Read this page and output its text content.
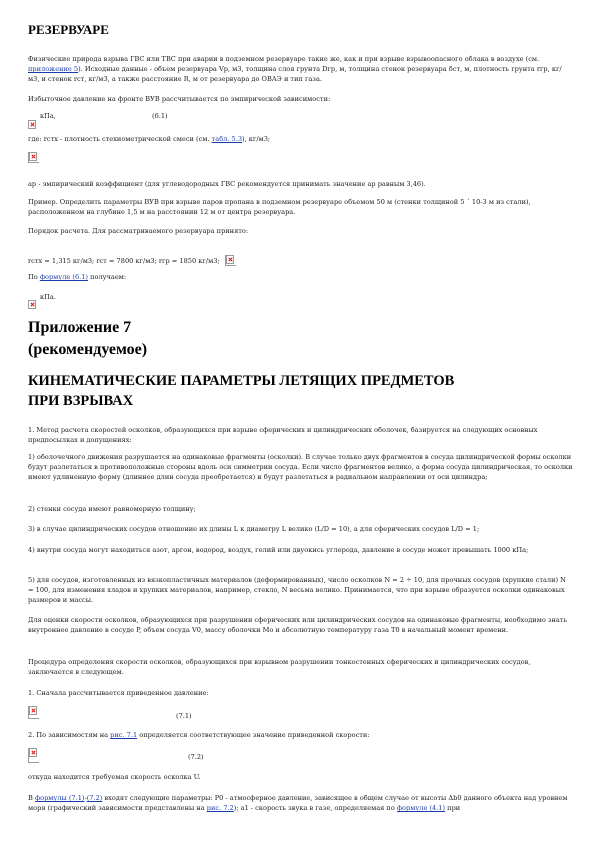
РЕЗЕРВУАРЕ

Физические природа взрыва ГВС или ТВС при аварии в подземном резервуаре такие же, как и при взрыве взрывоопасного облака в воздухе (см. приложение 5). Исходные данные - объем резервуара Vp, м3, толщина слоя грунта Dгр, м, толщина стенок резервуара δст, м, плотность грунта rгр, кг/м3, и стенок rст, кг/м3, а также расстояние R, м от резервуара до ОВАЭ и тип газа.

Избыточное давление на фронте ВУВ рассчитывается по эмпирической зависимости:

кПа,	(6.1)

где: rстх - плотность стехиометрической смеси (см. табл. 5.3), кг/м3;

ap - эмпирический коэффициент (для углеводородных ГВС рекомендуется принимать значение ap равным 3,46).

Пример. Определить параметры ВУВ при взрыве паров пропана в подземном резервуаре объемом 50 м (стенки толщиной 5 ´ 10-3 м из стали), расположенном на глубине 1,5 м на расстоянии 12 м от центра резервуара.

Порядок расчета. Для рассматриваемого резервуара принято:

rстх = 1,315 кг/м3; rст = 7800 кг/м3; rгр = 1850 кг/м3;

По формуле (6.1) получаем:

кПа.
Приложение 7
(рекомендуемое)
КИНЕМАТИЧЕСКИЕ ПАРАМЕТРЫ ЛЕТЯЩИХ ПРЕДМЕТОВ
ПРИ ВЗРЫВАХ

1. Метод расчета скоростей осколков, образующихся при взрыве сферических и цилиндрических оболочек, базируется на следующих основных предпосылках и допущениях:

1) оболочечного движения разрушается на одинаковые фрагменты (осколки). В случае только двух фрагментов в сосуда цилиндрической формы осколки будут разлетаться в противоположные стороны вдоль оси симметрии сосуда. Если число фрагментов велико, а форма сосуда цилиндрическая, то осколки имеют удлиненную форму (длиннее длин сосуда преобретается) и будут разлетаться в радиальном направлении от оси цилиндра;

2) стенки сосуда имеют равномерную толщину;

3) в случае цилиндрических сосудов отношение их длины L к диаметру L велико (L/D = 10), а для сферических сосудов L/D = 1;

4) внутри сосуда могут находиться азот, аргон, водород, воздух, гелий или двуокись углерода, давление в сосуде может превышать 1000 кПа;

5) для сосудов, изготовленных из вязкопластичных материалов (деформированных), число осколков N = 2 ÷ 10, для прочных сосудов (хрупкие стали) N = 100, для изменения хладов и хрупких материалов, например, стекло, N весьма велико. Принимается, что при взрыве образуется осколки одинаковых размеров и массы.

Для оценки скорости осколков, образующихся при разрушении сферических или цилиндрических сосудов на одинаковые фрагменты, необходимо знать внутреннее давление в сосуде P, объем сосуда V0, массу оболочки Мо и абсолютную температуру газа T0 в начальный момент времени.

Процедура определения скорости осколков, образующихся при взрывном разрушении тонкостенных сферических и цилиндрических сосудов, заключается в следующем.

1. Сначала рассчитывается приведенное давление:

(7.1)

2. По зависимостям на рис. 7.1 определяется соответствующее значение приведенной скорости:

(7.2)

откуда находится требуемая скорость осколка U.

В формулы (7.1)-(7.2) входят следующие параметры: P0 - атмосферное давление, зависящее в общем случае от высоты Δb0 данного объекта над уровнем моря (графический зависимости представлены на рис. 7.2); a1 - скорость звука в газе, определяемая по формуле (4.1) при
